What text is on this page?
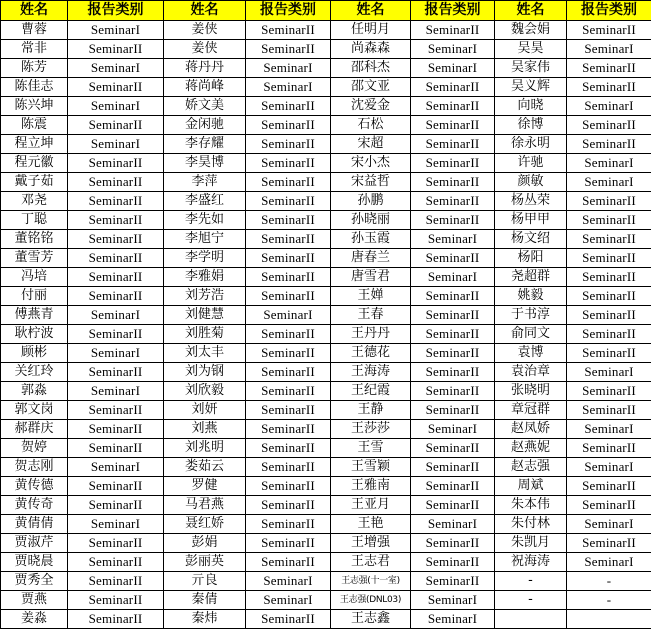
姓名	报告类别	姓名	报告类别	姓名	报告类别	姓名	报告类别
曹蓉	SeminarI	姜侠	SeminarII	任明月	SeminarII	魏会娟	SeminarII
常非	SeminarII	姜侠	SeminarII	尚森森	SeminarI	吴昊	SeminarI
陈芳	SeminarI	蒋丹丹	SeminarI	邵科杰	SeminarI	吴家伟	SeminarII
陈佳志	SeminarII	蒋尚峰	SeminarI	邵文亚	SeminarII	吴义辉	SeminarII
陈兴坤	SeminarI	娇文美	SeminarII	沈爱金	SeminarII	向晓	SeminarI
陈震	SeminarII	金闲驰	SeminarII	石松	SeminarII	徐博	SeminarII
程立坤	SeminarI	李存耀	SeminarII	宋超	SeminarII	徐永明	SeminarII
程元徽	SeminarII	李昊博	SeminarII	宋小杰	SeminarII	许驰	SeminarI
戴子茹	SeminarII	李萍	SeminarII	宋益哲	SeminarII	颜敏	SeminarI
邓尧	SeminarII	李盛红	SeminarII	孙鹏	SeminarII	杨丛荣	SeminarII
丁聪	SeminarII	李先如	SeminarII	孙晓丽	SeminarII	杨甲甲	SeminarII
董铭铭	SeminarII	李旭宁	SeminarII	孙玉霞	SeminarI	杨文绍	SeminarII
董雪芳	SeminarII	李学明	SeminarII	唐春兰	SeminarII	杨阳	SeminarII
冯培	SeminarII	李雅娟	SeminarII	唐雪君	SeminarI	尧超群	SeminarII
付丽	SeminarII	刘芳浩	SeminarII	王婵	SeminarII	姚毅	SeminarII
傅燕青	SeminarI	刘健慧	SeminarI	王春	SeminarII	于书淳	SeminarII
耿柠波	SeminarII	刘胜菊	SeminarII	王丹丹	SeminarII	俞同文	SeminarII
顾彬	SeminarI	刘太丰	SeminarII	王德花	SeminarII	袁博	SeminarII
关红玲	SeminarII	刘为钢	SeminarII	王海涛	SeminarII	袁治章	SeminarI
郭淼	SeminarI	刘欣毅	SeminarII	王纪霞	SeminarII	张晓明	SeminarII
郭文岗	SeminarII	刘妍	SeminarII	王静	SeminarII	章冠群	SeminarII
郝群庆	SeminarII	刘燕	SeminarII	王莎莎	SeminarI	赵凤娇	SeminarI
贺婷	SeminarII	刘兆明	SeminarII	王雪	SeminarII	赵燕妮	SeminarII
贺志刚	SeminarI	娄茹云	SeminarII	王雪颖	SeminarII	赵志强	SeminarI
黄传德	SeminarII	罗健	SeminarII	王雅南	SeminarII	周斌	SeminarII
黄传奇	SeminarII	马君燕	SeminarII	王亚月	SeminarII	朱本伟	SeminarII
黄倩倩	SeminarI	聂红娇	SeminarII	王艳	SeminarI	朱付林	SeminarI
贾淑芹	SeminarII	彭娟	SeminarII	王增强	SeminarII	朱凯月	SeminarII
贾晓晨	SeminarII	彭丽英	SeminarII	王志君	SeminarII	祝海涛	SeminarI
贾秀全	SeminarII	亓良	SeminarI	王志强(十一室)	SeminarII	-	-
贾燕	SeminarII	秦倩	SeminarI	王志强(DNL03)	SeminarI	-	-
姜淼	SeminarII	秦炜	SeminarII	王志鑫	SeminarI		
